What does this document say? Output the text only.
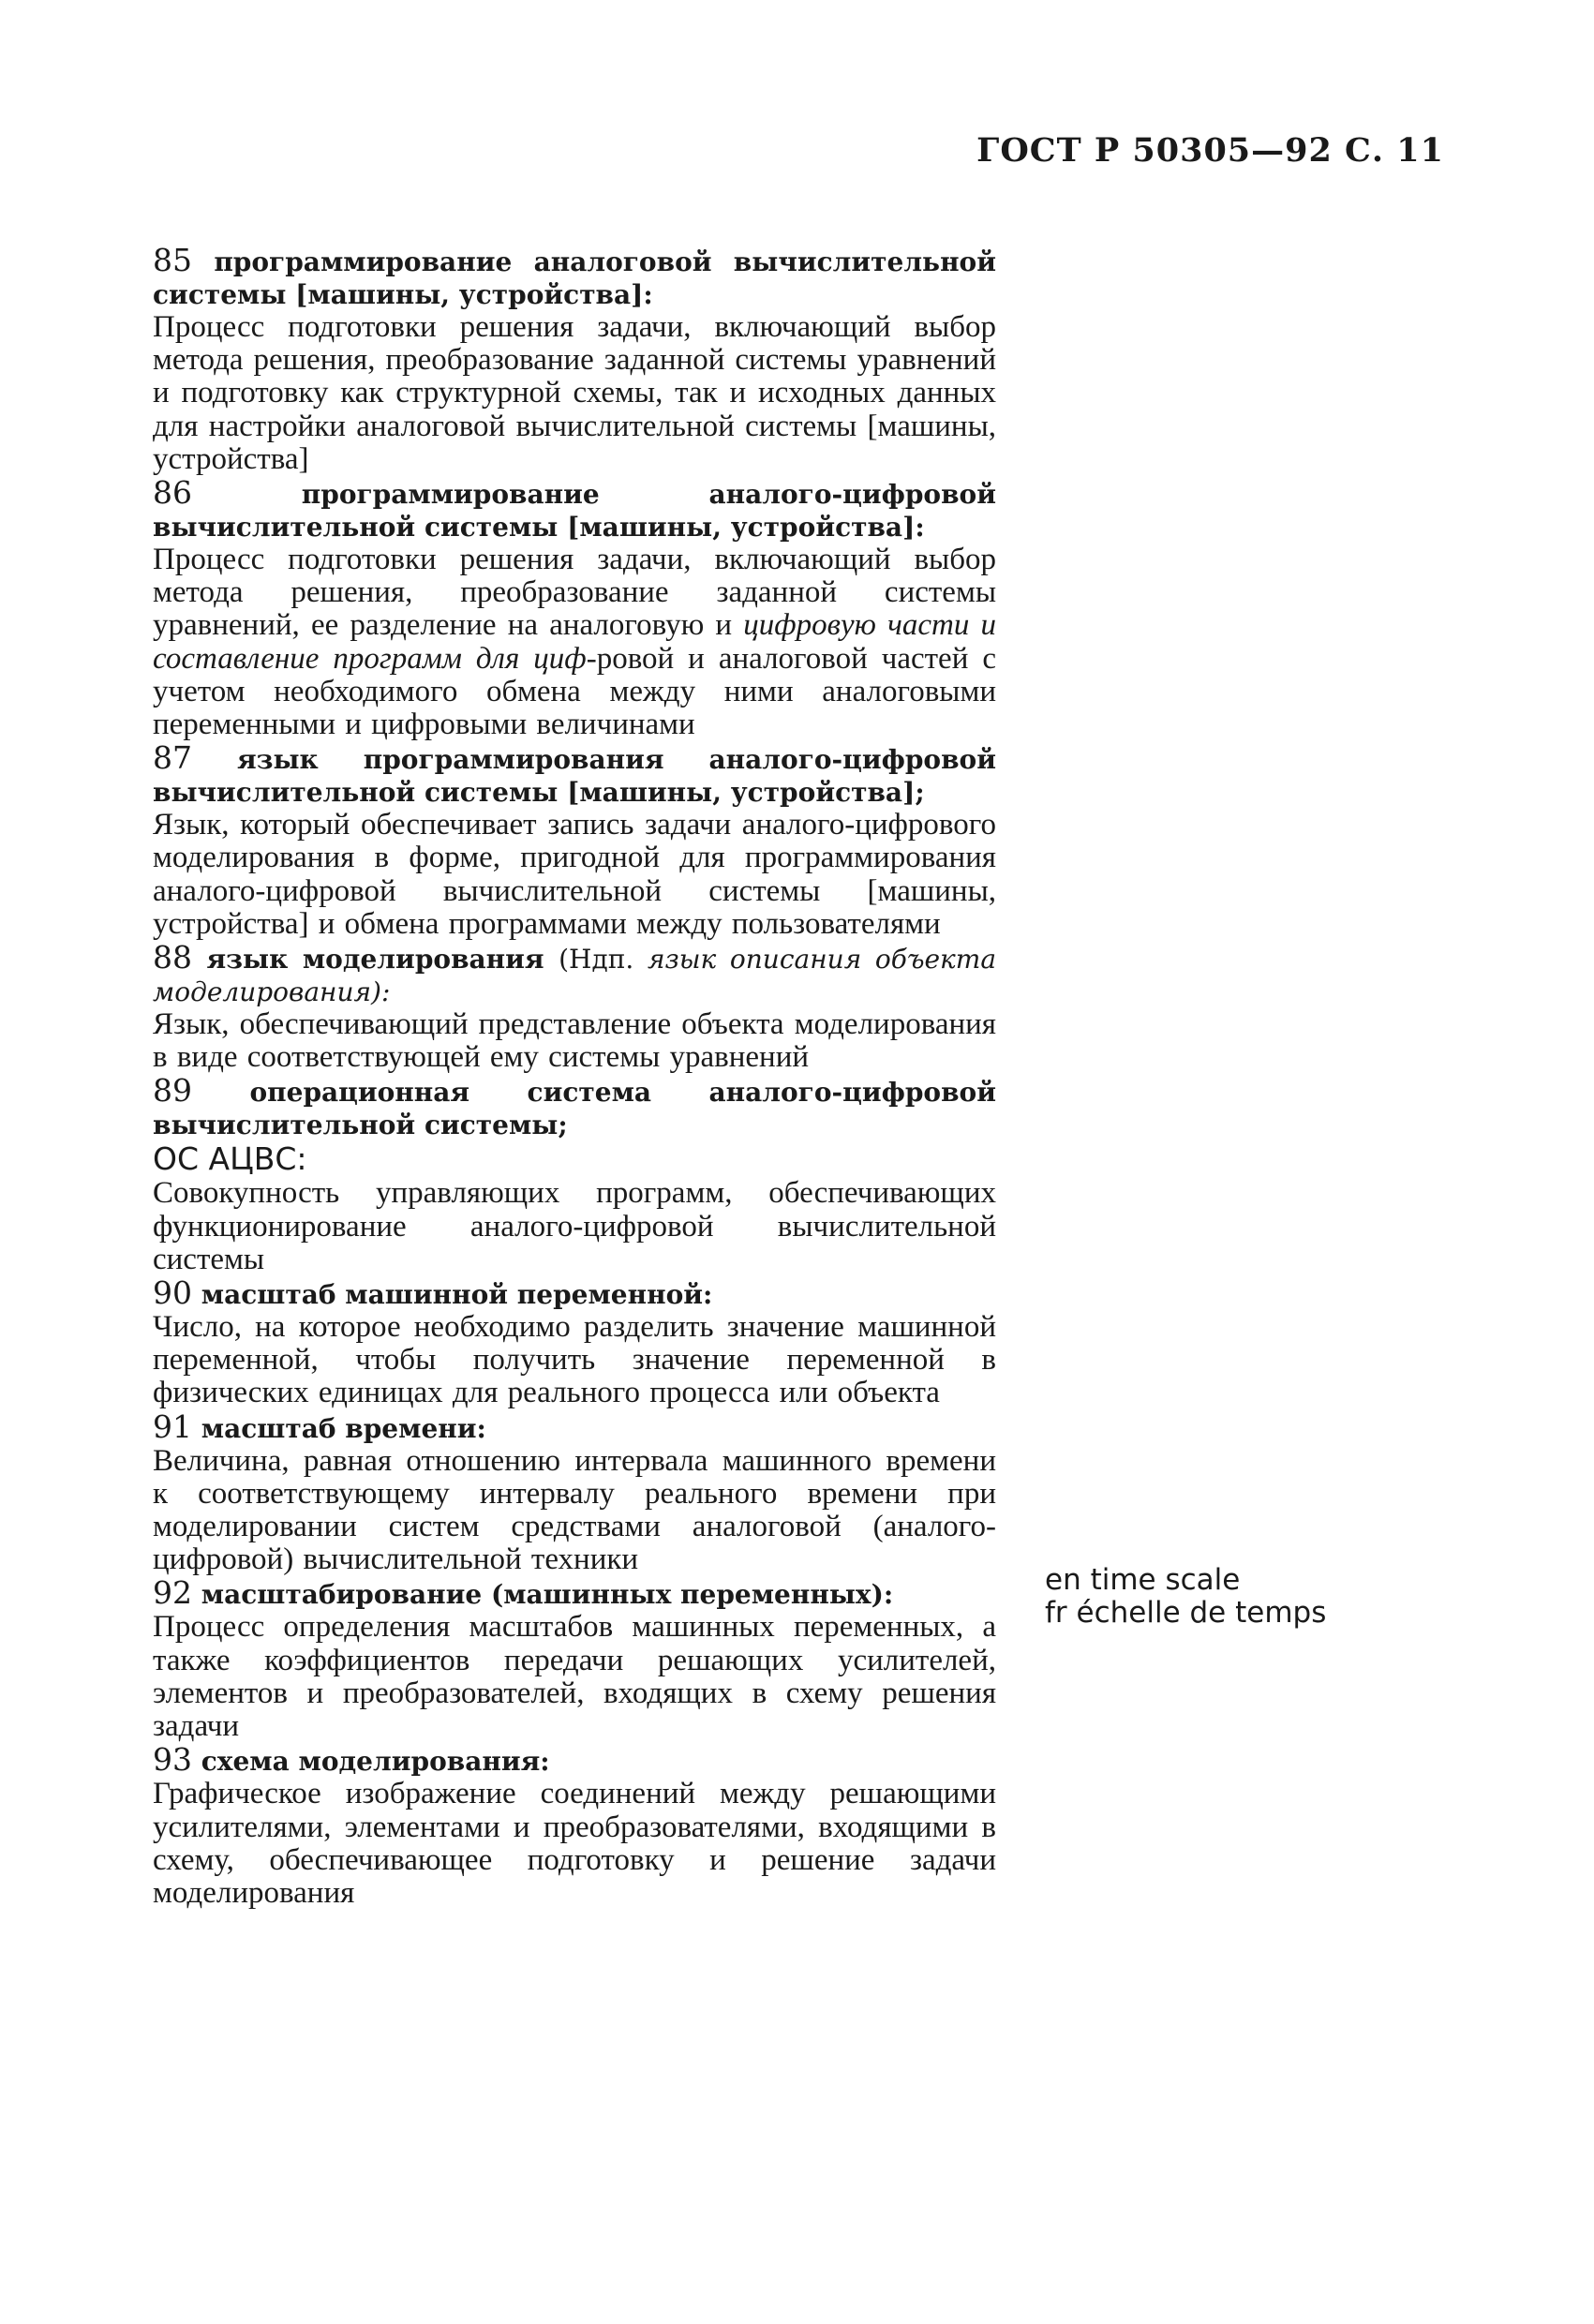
ГОСТ Р 50305—92 С. 11
85 программирование аналоговой вычислительной системы [машины, устройства]:
Процесс подготовки решения задачи, включающий выбор метода решения, преобразование заданной системы уравнений и подготовку как структурной схемы, так и исходных данных для настройки аналоговой вычислительной системы [машины, устройства]
86	программирование аналого-цифровой вычислительной системы [машины, устройства]:
Процесс подготовки решения задачи, включающий выбор метода решения, преобразование заданной системы уравнений, ее разделение на аналоговую и цифровую части и составление программ для циф-ровой и аналоговой частей с учетом необходимого обмена между ними аналоговыми переменными и цифровыми величинами
87 язык программирования аналого-цифровой вычислительной системы [машины, устройства];
Язык, который обеспечивает запись задачи аналого-цифрового моделирования в форме, пригодной для программирования аналого-цифровой вычислительной системы [машины, устройства] и обмена программами между пользователями
88 язык моделирования (Ндп. язык описания объекта моделирования):
Язык, обеспечивающий представление объекта моделирования в виде соответствующей ему системы уравнений
89 операционная система аналого-цифровой вычислительной системы;
ОС АЦВС:
Совокупность управляющих программ, обеспечивающих функционирование аналого-цифровой вычислительной системы
90 масштаб машинной переменной:
Число, на которое необходимо разделить значение машинной переменной, чтобы получить значение переменной в физических единицах для реального процесса или объекта
91 масштаб времени:
Величина, равная отношению интервала машинного времени к соответствующему интервалу реального времени при моделировании систем средствами аналоговой (аналого-цифровой) вычислительной техники
92 масштабирование (машинных переменных):
Процесс определения масштабов машинных переменных, а также коэффициентов передачи решающих усилителей, элементов и преобразователей, входящих в схему решения задачи
93 схема моделирования:
Графическое изображение соединений между решающими усилителями, элементами и преобразователями, входящими в схему, обеспечивающее подготовку и решение задачи моделирования
en time scale
fr échelle de temps
